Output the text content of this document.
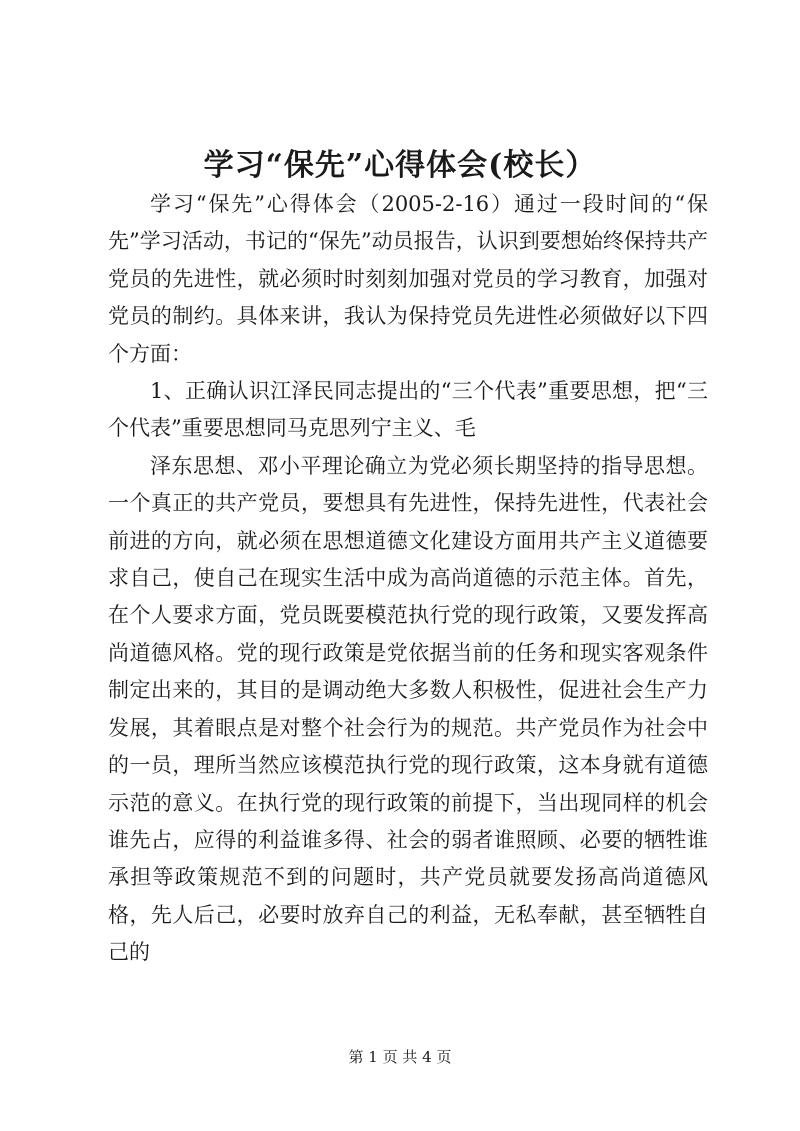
学习“保先”心得体会(校长）

学习“保先”心得体会（2005-2-16）通过一段时间的“保先”学习活动，书记的“保先”动员报告，认识到要想始终保持共产党员的先进性，就必须时时刻刻加强对党员的学习教育，加强对党员的制约。具体来讲，我认为保持党员先进性必须做好以下四个方面：

1、正确认识江泽民同志提出的“三个代表”重要思想，把“三个代表”重要思想同马克思列宁主义、毛

泽东思想、邓小平理论确立为党必须长期坚持的指导思想。一个真正的共产党员，要想具有先进性，保持先进性，代表社会前进的方向，就必须在思想道德文化建设方面用共产主义道德要求自己，使自己在现实生活中成为高尚道德的示范主体。首先，在个人要求方面，党员既要模范执行党的现行政策，又要发挥高尚道德风格。党的现行政策是党依据当前的任务和现实客观条件制定出来的，其目的是调动绝大多数人积极性，促进社会生产力发展，其着眼点是对整个社会行为的规范。共产党员作为社会中的一员，理所当然应该模范执行党的现行政策，这本身就有道德示范的意义。在执行党的现行政策的前提下，当出现同样的机会谁先占，应得的利益谁多得、社会的弱者谁照顾、必要的牺牲谁承担等政策规范不到的问题时，共产党员就要发扬高尚道德风格，先人后己，必要时放弃自己的利益，无私奉献，甚至牺牲自己的

第 1 页 共 4 页
